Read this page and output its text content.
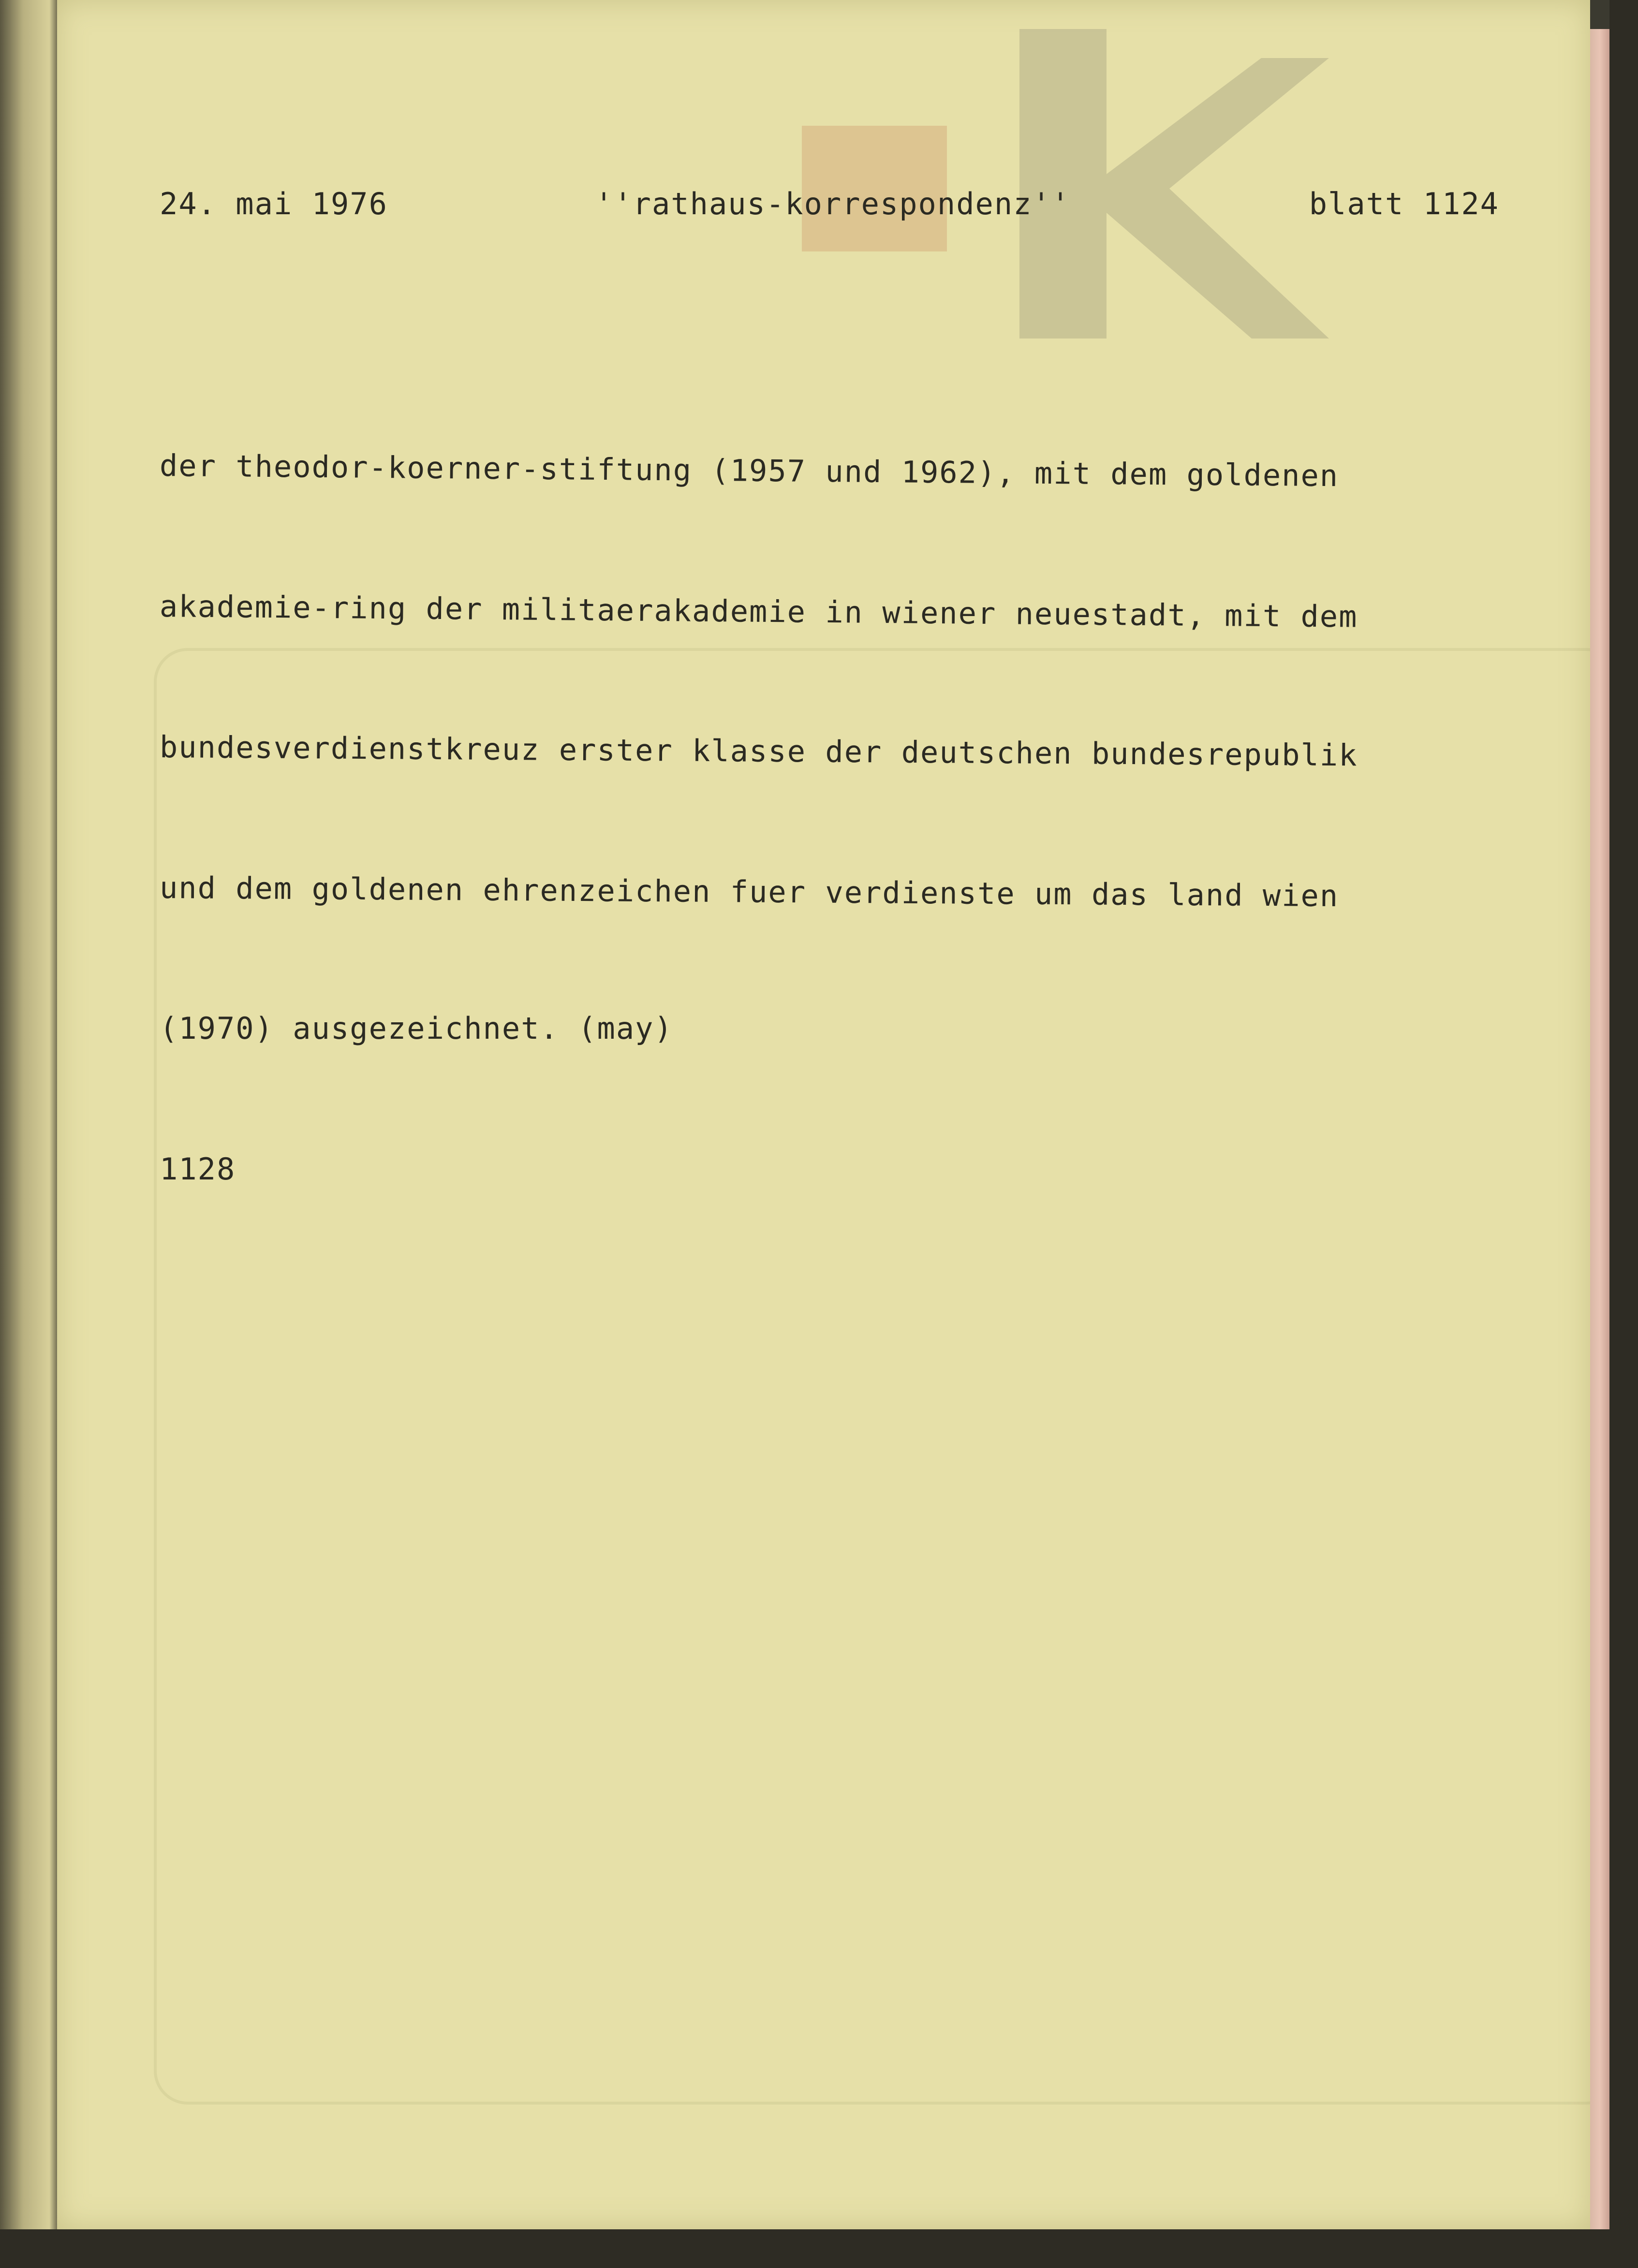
24. mai 1976	''rathaus-korrespondenz''	blatt 1124

der theodor-koerner-stiftung (1957 und 1962), mit dem goldenen

akademie-ring der militaerakademie in wiener neuestadt, mit dem

bundesverdienstkreuz erster klasse der deutschen bundesrepublik

und dem goldenen ehrenzeichen fuer verdienste um das land wien

(1970) ausgezeichnet. (may)

1128
